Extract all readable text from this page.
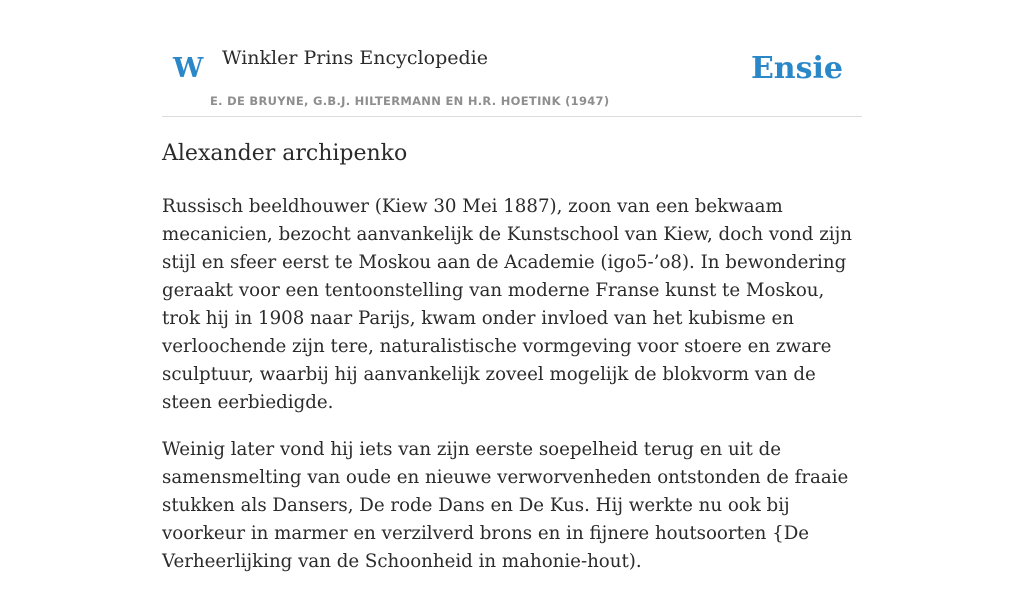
W Winkler Prins Encyclopedie
E. DE BRUYNE, G.B.J. HILTERMANN EN H.R. HOETINK (1947)
Ensie
Alexander archipenko

Russisch beeldhouwer (Kiew 30 Mei 1887), zoon van een bekwaam mecanicien, bezocht aanvankelijk de Kunstschool van Kiew, doch vond zijn stijl en sfeer eerst te Moskou aan de Academie (igo5-’o8). In bewondering geraakt voor een tentoonstelling van moderne Franse kunst te Moskou, trok hij in 1908 naar Parijs, kwam onder invloed van het kubisme en verloochende zijn tere, naturalistische vormgeving voor stoere en zware sculptuur, waarbij hij aanvankelijk zoveel mogelijk de blokvorm van de steen eerbiedigde.

Weinig later vond hij iets van zijn eerste soepelheid terug en uit de samensmelting van oude en nieuwe verworvenheden ontstonden de fraaie stukken als Dansers, De rode Dans en De Kus. Hij werkte nu ook bij voorkeur in marmer en verzilverd brons en in fijnere houtsoorten {De Verheerlijking van de Schoonheid in mahonie-hout).
